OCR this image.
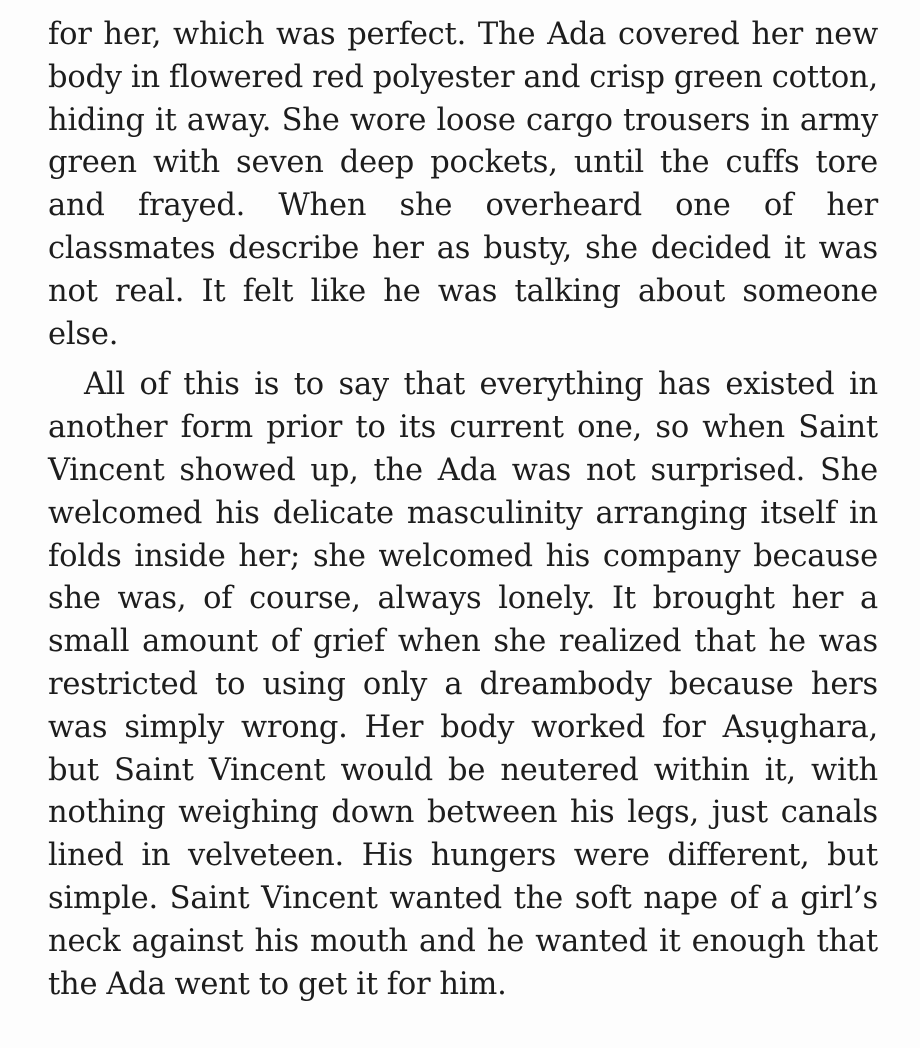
for her, which was perfect. The Ada covered her new body in flowered red polyester and crisp green cotton, hiding it away. She wore loose cargo trousers in army green with seven deep pockets, until the cuffs tore and frayed. When she overheard one of her classmates describe her as busty, she decided it was not real. It felt like he was talking about someone else.

All of this is to say that everything has existed in another form prior to its current one, so when Saint Vincent showed up, the Ada was not surprised. She welcomed his delicate masculinity arranging itself in folds inside her; she welcomed his company because she was, of course, always lonely. It brought her a small amount of grief when she realized that he was restricted to using only a dreambody because hers was simply wrong. Her body worked for Asụghara, but Saint Vincent would be neutered within it, with nothing weighing down between his legs, just canals lined in velveteen. His hungers were different, but simple. Saint Vincent wanted the soft nape of a girl’s neck against his mouth and he wanted it enough that the Ada went to get it for him.
